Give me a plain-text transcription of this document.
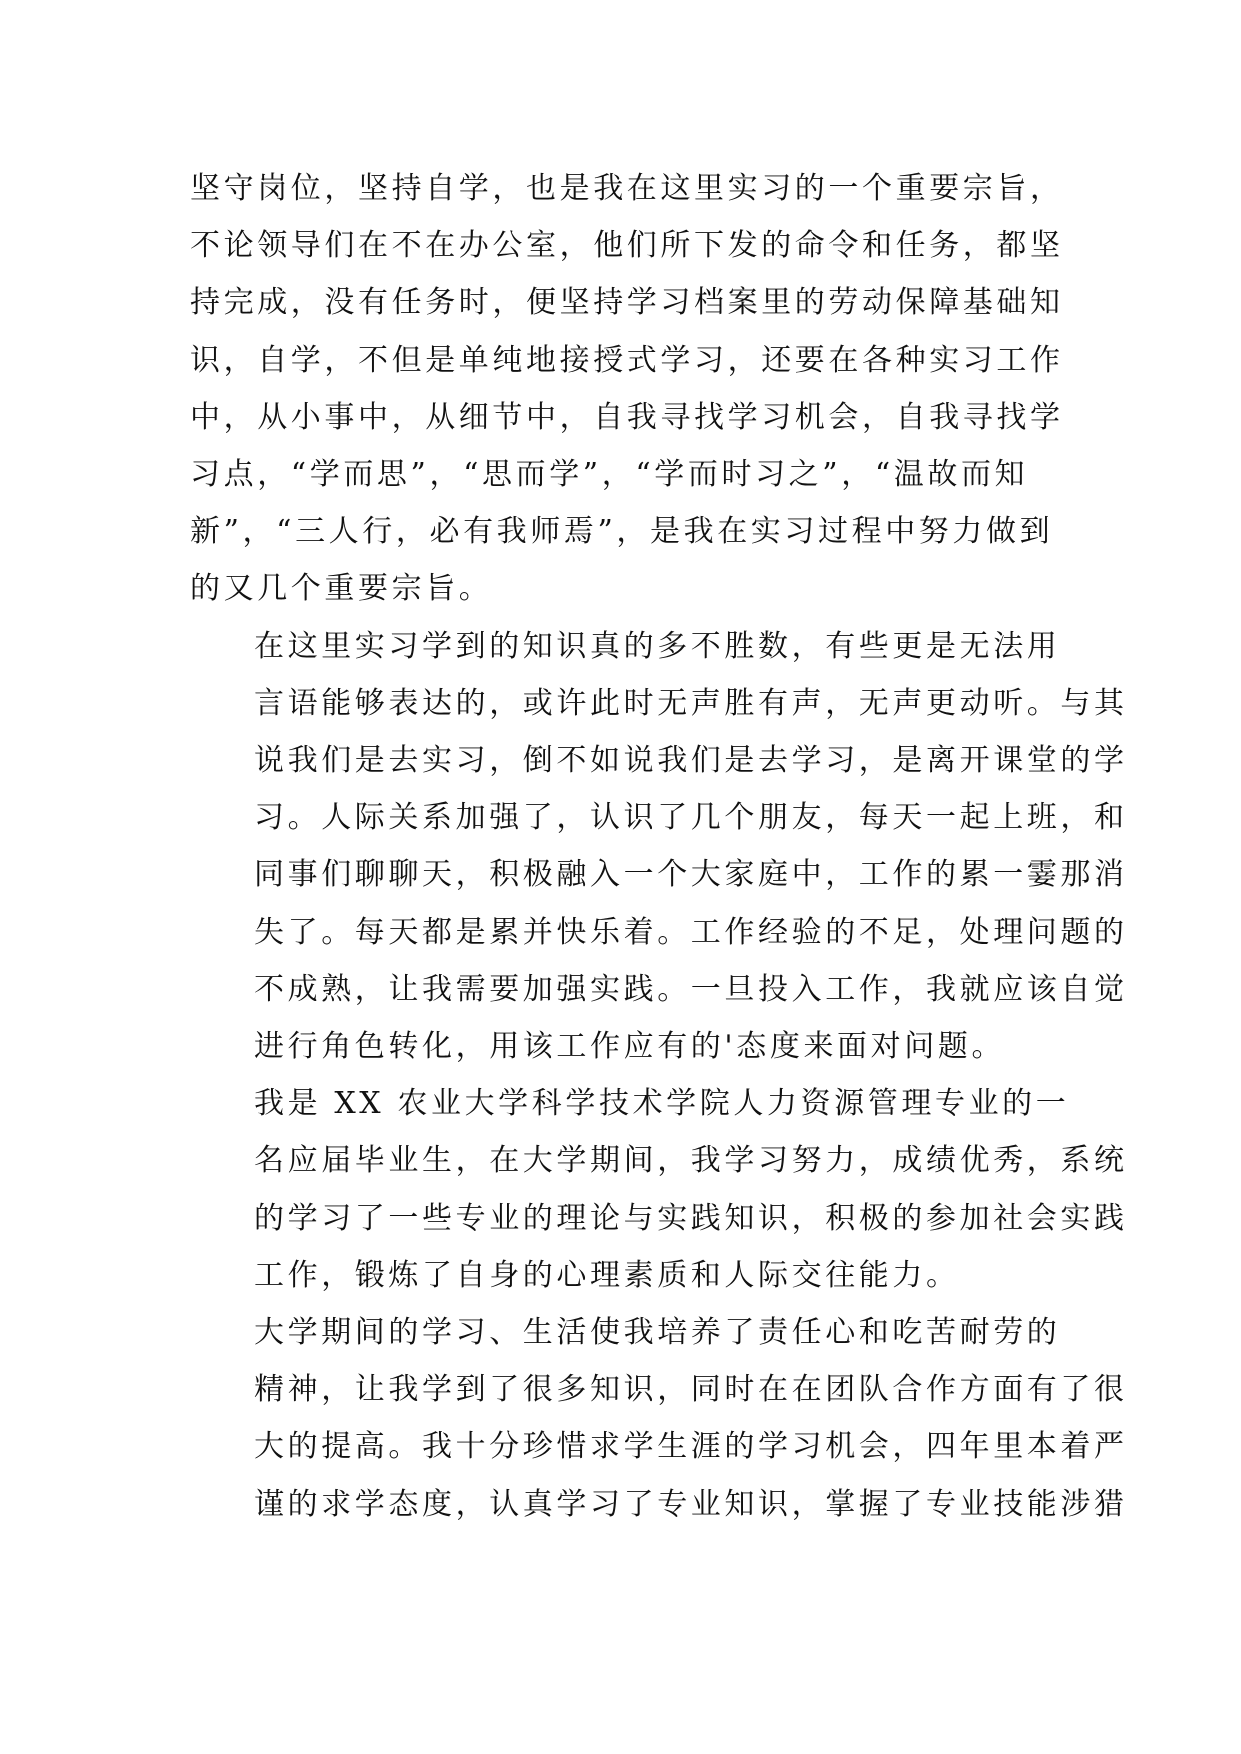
坚守岗位，坚持自学，也是我在这里实习的一个重要宗旨，
不论领导们在不在办公室，他们所下发的命令和任务，都坚
持完成，没有任务时，便坚持学习档案里的劳动保障基础知
识，自学，不但是单纯地接授式学习，还要在各种实习工作
中，从小事中，从细节中，自我寻找学习机会，自我寻找学
习点，“学而思”，“思而学”，“学而时习之”，“温故而知
新”，“三人行，必有我师焉”，是我在实习过程中努力做到
的又几个重要宗旨。

在这里实习学到的知识真的多不胜数，有些更是无法用
言语能够表达的，或许此时无声胜有声，无声更动听。与其
说我们是去实习，倒不如说我们是去学习，是离开课堂的学
习。人际关系加强了，认识了几个朋友，每天一起上班，和
同事们聊聊天，积极融入一个大家庭中，工作的累一霎那消
失了。每天都是累并快乐着。工作经验的不足，处理问题的
不成熟，让我需要加强实践。一旦投入工作，我就应该自觉
进行角色转化，用该工作应有的'态度来面对问题。

我是 XX 农业大学科学技术学院人力资源管理专业的一
名应届毕业生，在大学期间，我学习努力，成绩优秀，系统
的学习了一些专业的理论与实践知识，积极的参加社会实践
工作，锻炼了自身的心理素质和人际交往能力。

大学期间的学习、生活使我培养了责任心和吃苦耐劳的
精神，让我学到了很多知识，同时在在团队合作方面有了很
大的提高。我十分珍惜求学生涯的学习机会，四年里本着严
谨的求学态度，认真学习了专业知识，掌握了专业技能涉猎
